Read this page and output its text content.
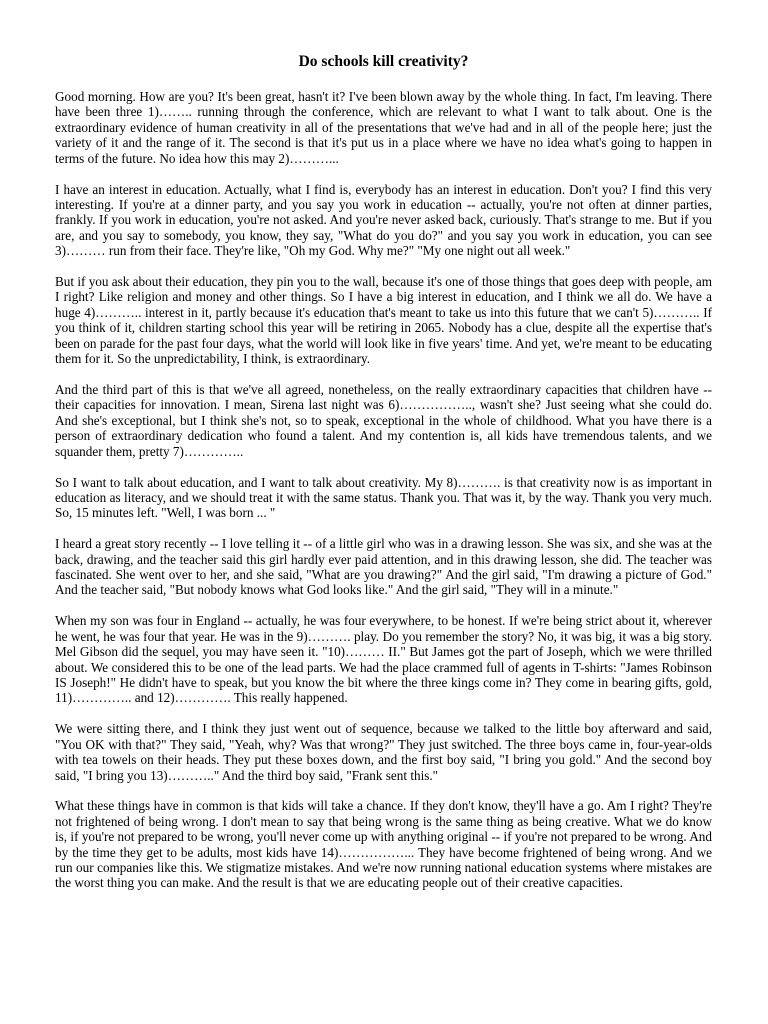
Do schools kill creativity?

Good morning. How are you? It's been great, hasn't it? I've been blown away by the whole thing. In fact, I'm leaving. There have been three 1)…….. running through the conference, which are relevant to what I want to talk about. One is the extraordinary evidence of human creativity in all of the presentations that we've had and in all of the people here; just the variety of it and the range of it. The second is that it's put us in a place where we have no idea what's going to happen in terms of the future. No idea how this may 2)………...

I have an interest in education. Actually, what I find is, everybody has an interest in education. Don't you? I find this very interesting. If you're at a dinner party, and you say you work in education -- actually, you're not often at dinner parties, frankly. If you work in education, you're not asked. And you're never asked back, curiously. That's strange to me. But if you are, and you say to somebody, you know, they say, "What do you do?" and you say you work in education, you can see 3)……… run from their face. They're like, "Oh my God. Why me?" "My one night out all week."

But if you ask about their education, they pin you to the wall, because it's one of those things that goes deep with people, am I right? Like religion and money and other things. So I have a big interest in education, and I think we all do. We have a huge 4)……….. interest in it, partly because it's education that's meant to take us into this future that we can't 5)……….. If you think of it, children starting school this year will be retiring in 2065. Nobody has a clue, despite all the expertise that's been on parade for the past four days, what the world will look like in five years' time. And yet, we're meant to be educating them for it. So the unpredictability, I think, is extraordinary.

And the third part of this is that we've all agreed, nonetheless, on the really extraordinary capacities that children have -- their capacities for innovation. I mean, Sirena last night was 6)…………….., wasn't she? Just seeing what she could do. And she's exceptional, but I think she's not, so to speak, exceptional in the whole of childhood. What you have there is a person of extraordinary dedication who found a talent. And my contention is, all kids have tremendous talents, and we squander them, pretty 7)…………..

So I want to talk about education, and I want to talk about creativity. My 8)………. is that creativity now is as important in education as literacy, and we should treat it with the same status. Thank you. That was it, by the way. Thank you very much. So, 15 minutes left. "Well, I was born ... "

I heard a great story recently -- I love telling it -- of a little girl who was in a drawing lesson. She was six, and she was at the back, drawing, and the teacher said this girl hardly ever paid attention, and in this drawing lesson, she did. The teacher was fascinated. She went over to her, and she said, "What are you drawing?" And the girl said, "I'm drawing a picture of God." And the teacher said, "But nobody knows what God looks like." And the girl said, "They will in a minute."

When my son was four in England -- actually, he was four everywhere, to be honest. If we're being strict about it, wherever he went, he was four that year. He was in the 9)………. play. Do you remember the story? No, it was big, it was a big story. Mel Gibson did the sequel, you may have seen it. "10)……… II." But James got the part of Joseph, which we were thrilled about. We considered this to be one of the lead parts. We had the place crammed full of agents in T-shirts: "James Robinson IS Joseph!" He didn't have to speak, but you know the bit where the three kings come in? They come in bearing gifts, gold, 11)………….. and 12)…………. This really happened.

We were sitting there, and I think they just went out of sequence, because we talked to the little boy afterward and said, "You OK with that?" They said, "Yeah, why? Was that wrong?" They just switched. The three boys came in, four-year-olds with tea towels on their heads. They put these boxes down, and the first boy said, "I bring you gold." And the second boy said, "I bring you 13)……….." And the third boy said, "Frank sent this."

What these things have in common is that kids will take a chance. If they don't know, they'll have a go. Am I right? They're not frightened of being wrong. I don't mean to say that being wrong is the same thing as being creative. What we do know is, if you're not prepared to be wrong, you'll never come up with anything original -- if you're not prepared to be wrong. And by the time they get to be adults, most kids have 14)……………... They have become frightened of being wrong. And we run our companies like this. We stigmatize mistakes. And we're now running national education systems where mistakes are the worst thing you can make. And the result is that we are educating people out of their creative capacities.
